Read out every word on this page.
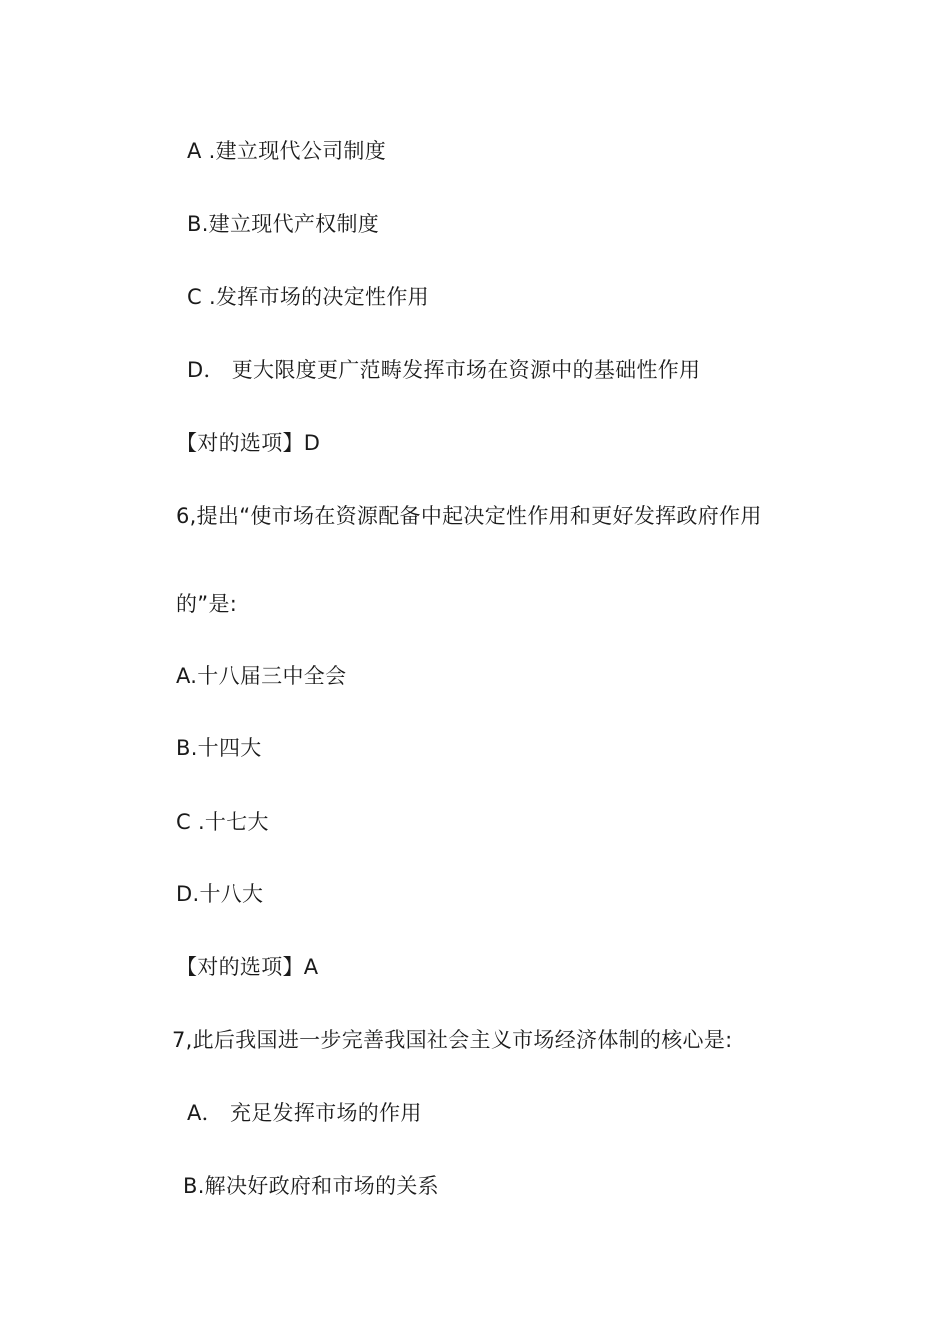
A .建立现代公司制度
B.建立现代产权制度
C .发挥市场的决定性作用
D． 更大限度更广范畴发挥市场在资源中的基础性作用
【对的选项】D
6,提出“使市场在资源配备中起决定性作用和更好发挥政府作用
的”是:
A.十八届三中全会
B.十四大
C .十七大
D.十八大
【对的选项】A
7,此后我国进一步完善我国社会主义市场经济体制的核心是:
A． 充足发挥市场的作用
B.解决好政府和市场的关系
